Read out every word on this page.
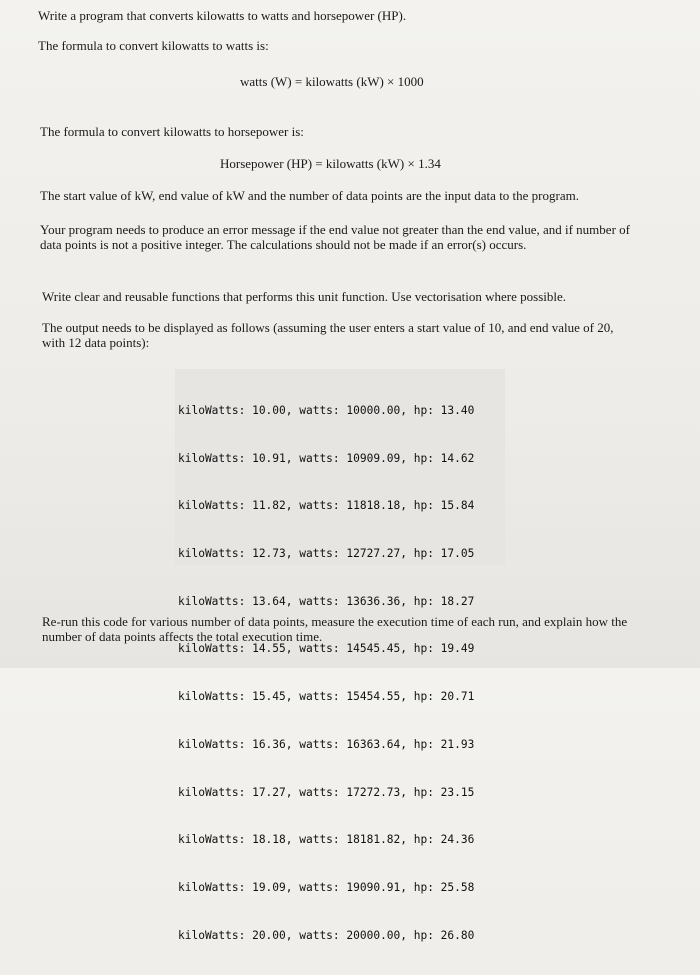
Write a program that converts kilowatts to watts and horsepower (HP).
The formula to convert kilowatts to watts is:
watts (W) = kilowatts (kW) × 1000
The formula to convert kilowatts to horsepower is:
Horsepower (HP) = kilowatts (kW) × 1.34
The start value of kW, end value of kW and the number of data points are the input data to the program.
Your program needs to produce an error message if the end value not greater than the end value, and if number of data points is not a positive integer. The calculations should not be made if an error(s) occurs.
Write clear and reusable functions that performs this unit function. Use vectorisation where possible.
The output needs to be displayed as follows (assuming the user enters a start value of 10, and end value of 20, with 12 data points):

kiloWatts: 10.00, watts: 10000.00, hp: 13.40

kiloWatts: 10.91, watts: 10909.09, hp: 14.62

kiloWatts: 11.82, watts: 11818.18, hp: 15.84

kiloWatts: 12.73, watts: 12727.27, hp: 17.05

kiloWatts: 13.64, watts: 13636.36, hp: 18.27

kiloWatts: 14.55, watts: 14545.45, hp: 19.49

kiloWatts: 15.45, watts: 15454.55, hp: 20.71

kiloWatts: 16.36, watts: 16363.64, hp: 21.93

kiloWatts: 17.27, watts: 17272.73, hp: 23.15

kiloWatts: 18.18, watts: 18181.82, hp: 24.36

kiloWatts: 19.09, watts: 19090.91, hp: 25.58

kiloWatts: 20.00, watts: 20000.00, hp: 26.80

Re-run this code for various number of data points, measure the execution time of each run, and explain how the number of data points affects the total execution time.
